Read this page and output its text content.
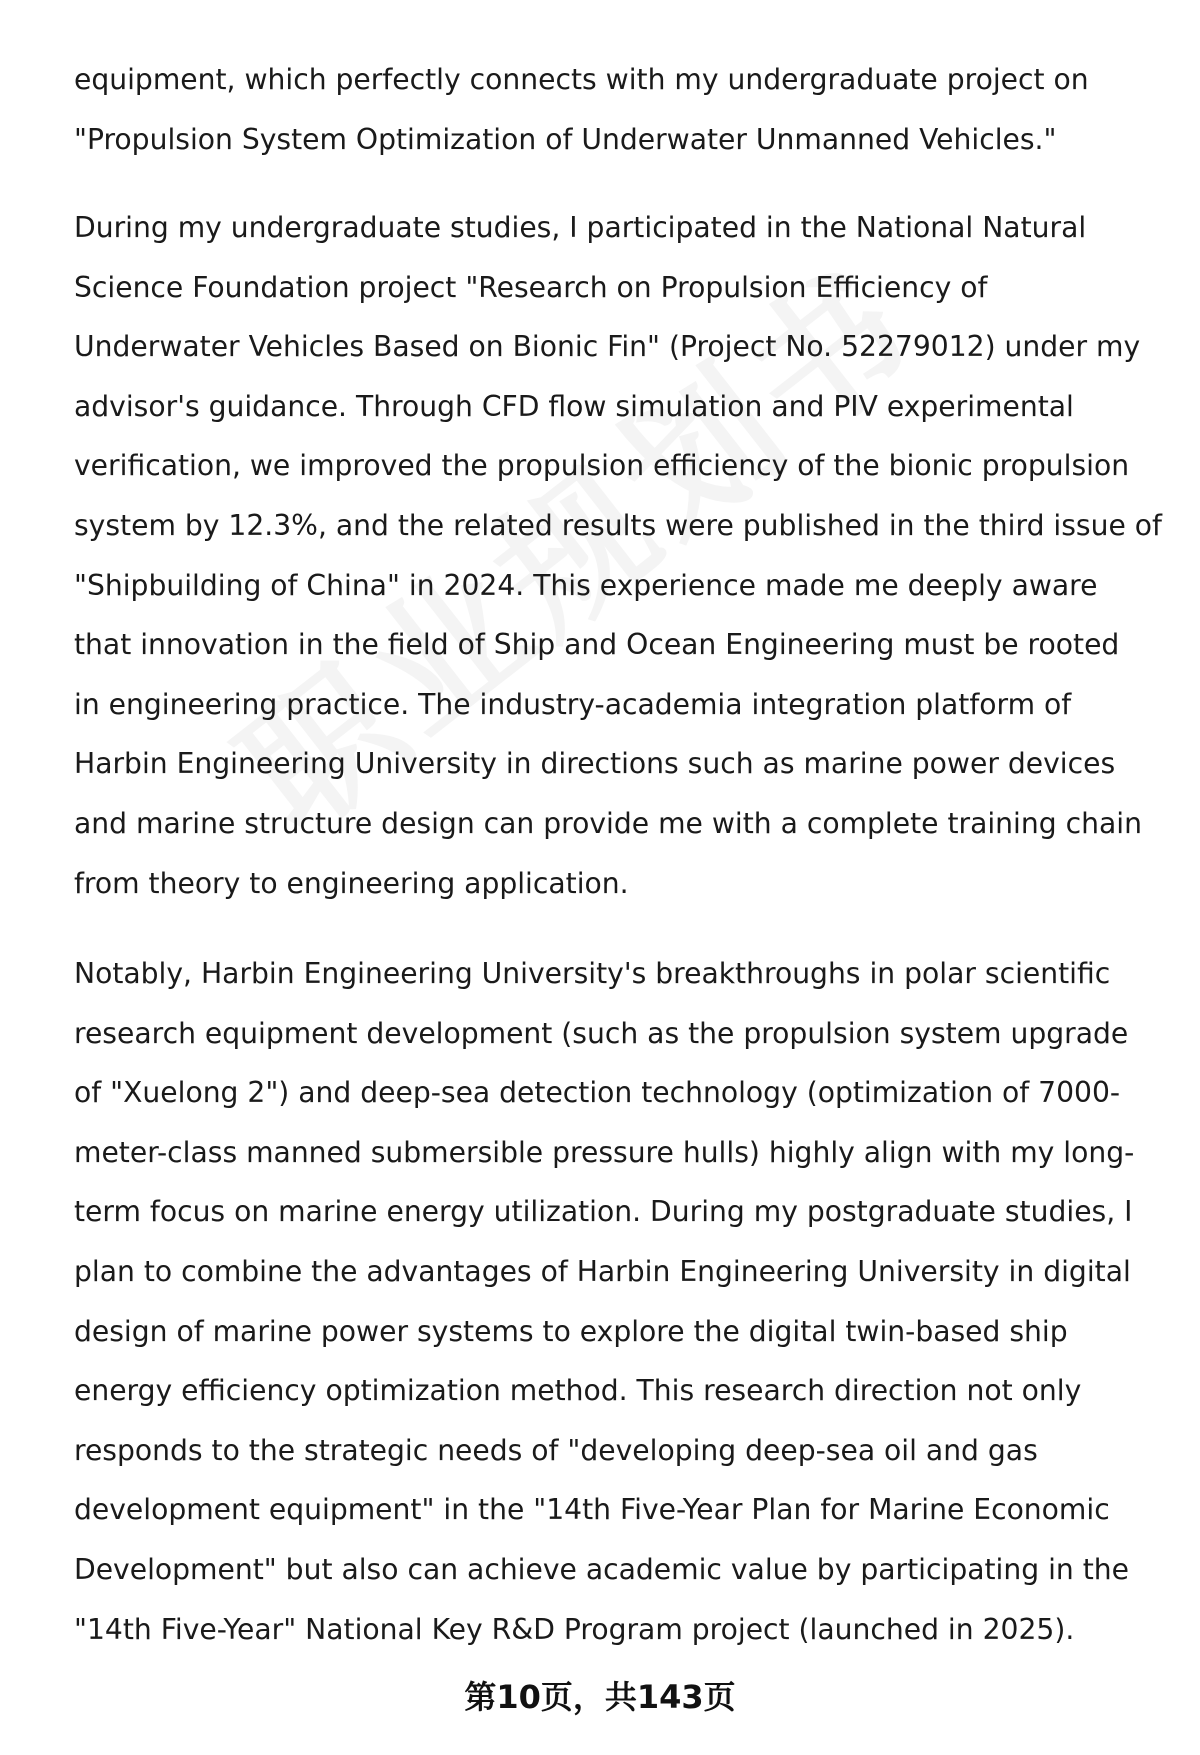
equipment, which perfectly connects with my undergraduate project on
"Propulsion System Optimization of Underwater Unmanned Vehicles."

During my undergraduate studies, I participated in the National Natural
Science Foundation project "Research on Propulsion Efficiency of
Underwater Vehicles Based on Bionic Fin" (Project No. 52279012) under my
advisor's guidance. Through CFD flow simulation and PIV experimental
verification, we improved the propulsion efficiency of the bionic propulsion
system by 12.3%, and the related results were published in the third issue of
"Shipbuilding of China" in 2024. This experience made me deeply aware
that innovation in the field of Ship and Ocean Engineering must be rooted
in engineering practice. The industry-academia integration platform of
Harbin Engineering University in directions such as marine power devices
and marine structure design can provide me with a complete training chain
from theory to engineering application.

Notably, Harbin Engineering University's breakthroughs in polar scientific
research equipment development (such as the propulsion system upgrade
of "Xuelong 2") and deep-sea detection technology (optimization of 7000-
meter-class manned submersible pressure hulls) highly align with my long-
term focus on marine energy utilization. During my postgraduate studies, I
plan to combine the advantages of Harbin Engineering University in digital
design of marine power systems to explore the digital twin-based ship
energy efficiency optimization method. This research direction not only
responds to the strategic needs of "developing deep-sea oil and gas
development equipment" in the "14th Five-Year Plan for Marine Economic
Development" but also can achieve academic value by participating in the
"14th Five-Year" National Key R&D Program project (launched in 2025).

第10页，共143页
